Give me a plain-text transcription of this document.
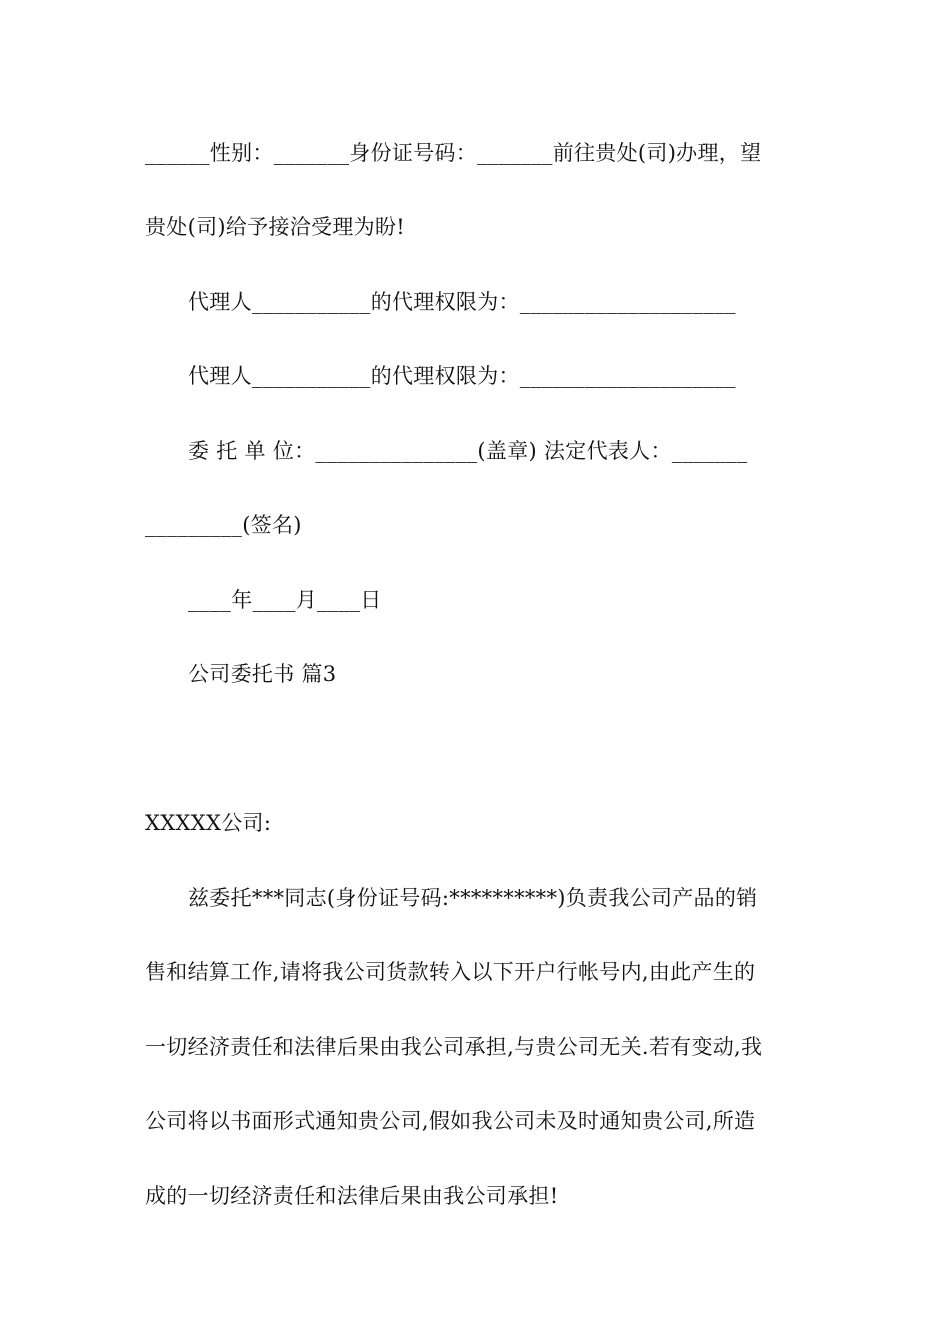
______性别：_______身份证号码：_______前往贵处(司)办理，望
贵处(司)给予接洽受理为盼!
代理人___________的代理权限为：____________________
代理人___________的代理权限为：____________________
委 托 单 位：_______________(盖章) 法定代表人：_______
_________(签名)
____年____月____日
公司委托书 篇3
XXXXX公司:
兹委托***同志(身份证号码:**********)负责我公司产品的销
售和结算工作,请将我公司货款转入以下开户行帐号内,由此产生的
一切经济责任和法律后果由我公司承担,与贵公司无关.若有变动,我
公司将以书面形式通知贵公司,假如我公司未及时通知贵公司,所造
成的一切经济责任和法律后果由我公司承担!
